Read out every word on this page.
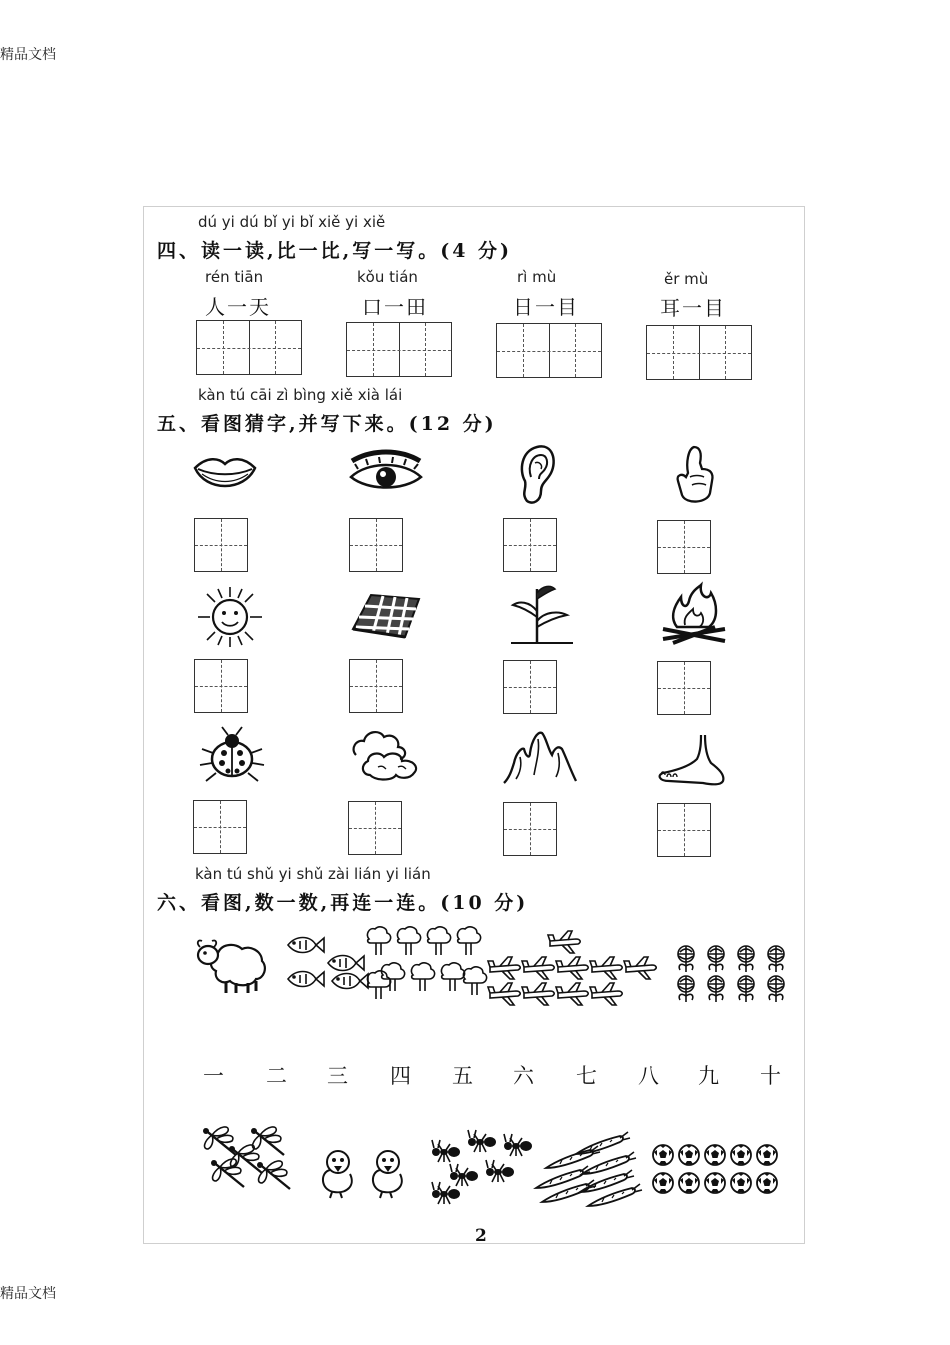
精品文档
精品文档
dú yi dú bǐ yi bǐ xiě yi xiě
四、读一读,比一比,写一写。(4 分)
rén tiān	kǒu tián	rì mù	ěr mù
人一天	口一田	日一目	耳一目
kàn tú cāi zì bìng xiě xià lái
五、看图猜字,并写下来。(12 分)
kàn tú shǔ yi shǔ zài lián yi lián
六、看图,数一数,再连一连。(10 分)
一 二 三 四 五 六 七 八 九 十
2
